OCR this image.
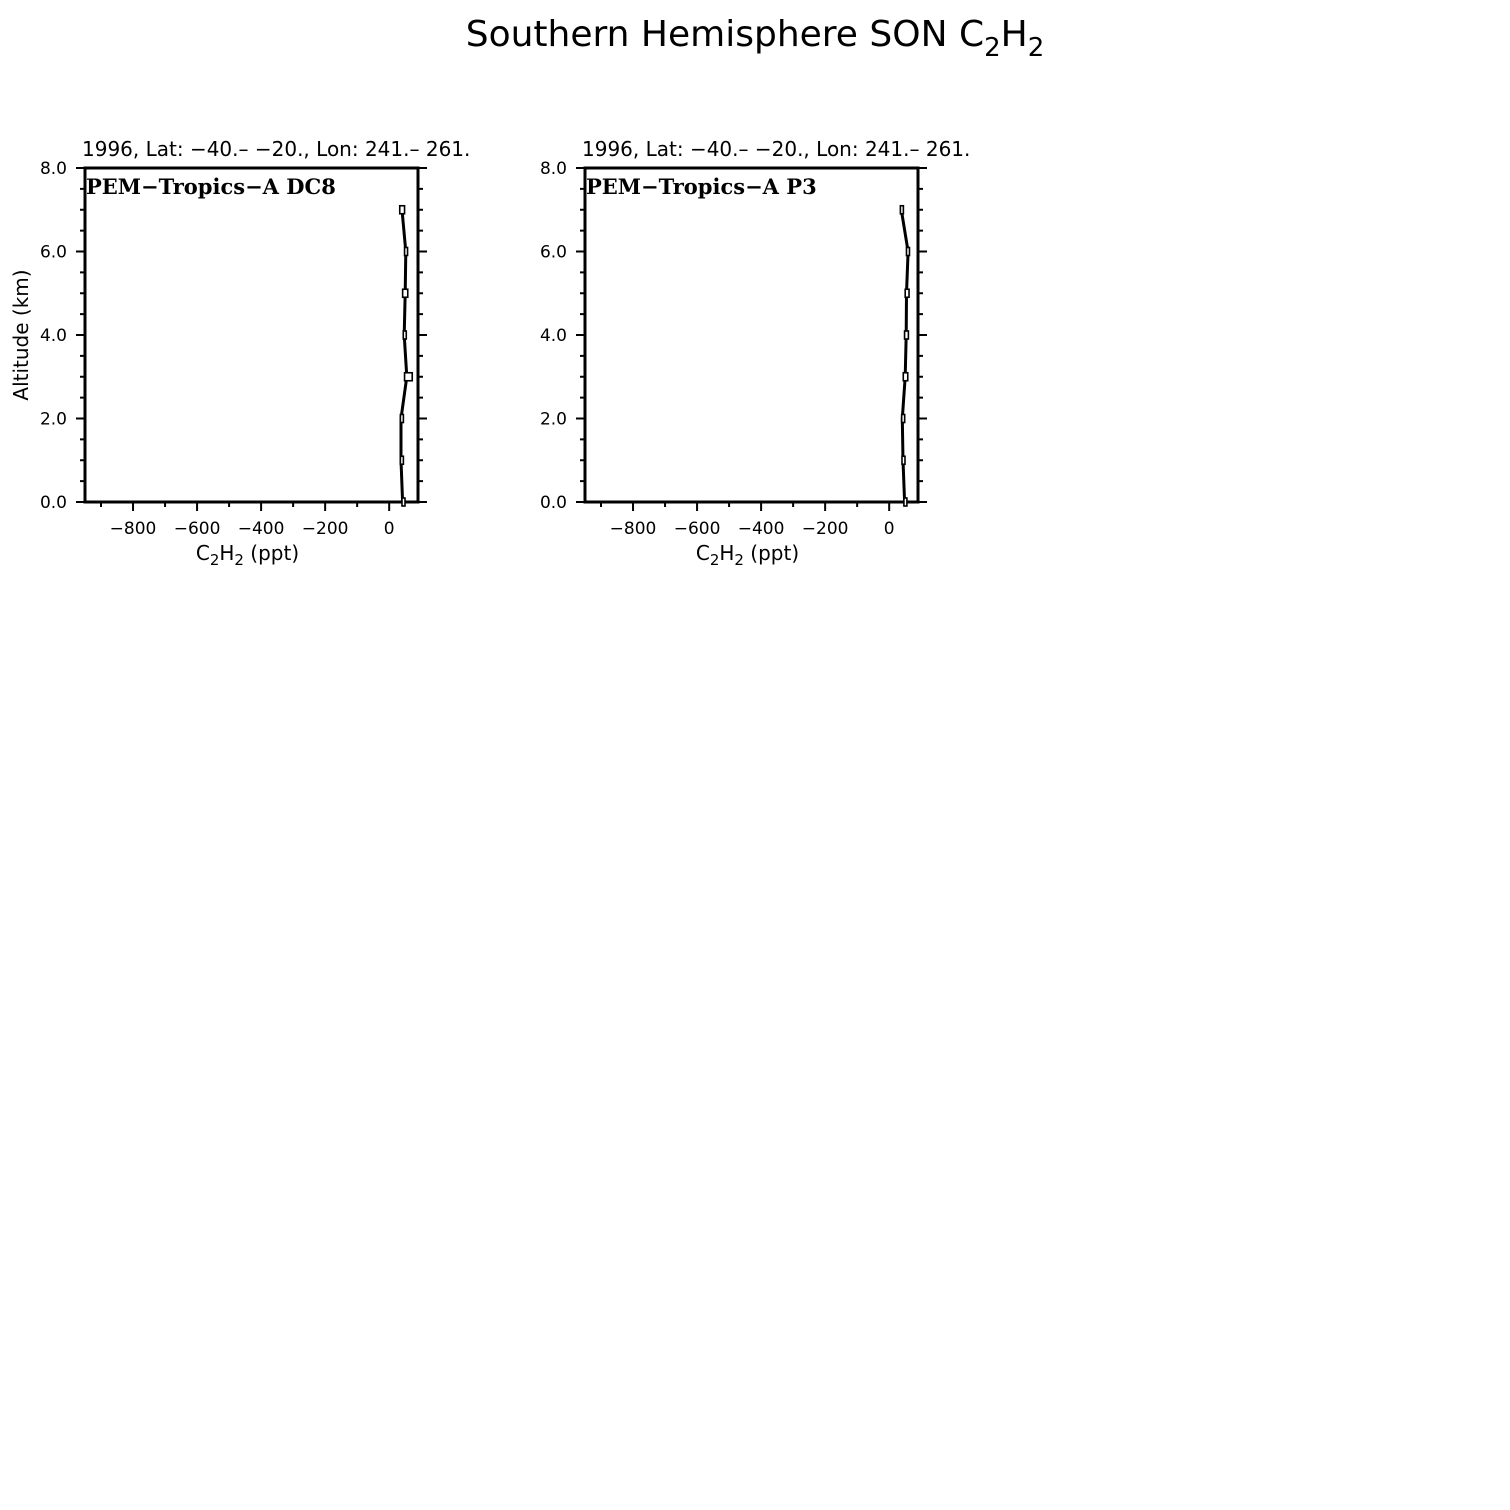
Southern Hemisphere SON $C_2H_2$
0.0
2.0
4.0
6.0
8.0
−800 −600 −400 −200 0
$C_2H_2$ (ppt)
Altitude (km)
1996, Lat: −40.– −20., Lon: 241.– 261.
PEM−Tropics−A DC8
0.0
2.0
4.0
6.0
8.0
−800 −600 −400 −200 0
$C_2H_2$ (ppt)
1996, Lat: −40.– −20., Lon: 241.– 261.
PEM−Tropics−A P3
